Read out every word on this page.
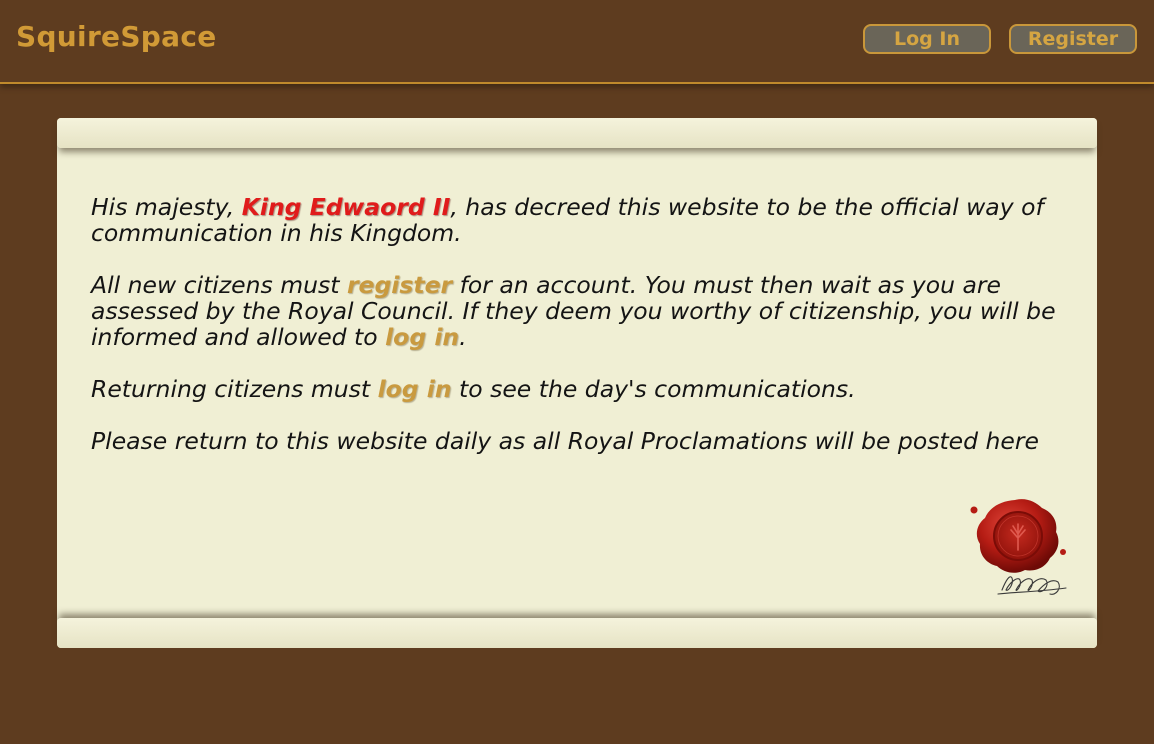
SquireSpace	Log In	Register

His majesty, King Edwaord II, has decreed this website to be the official way of communication in his Kingdom.

All new citizens must register for an account. You must then wait as you are assessed by the Royal Council. If they deem you worthy of citizenship, you will be informed and allowed to log in.

Returning citizens must log in to see the day's communications.

Please return to this website daily as all Royal Proclamations will be posted here
